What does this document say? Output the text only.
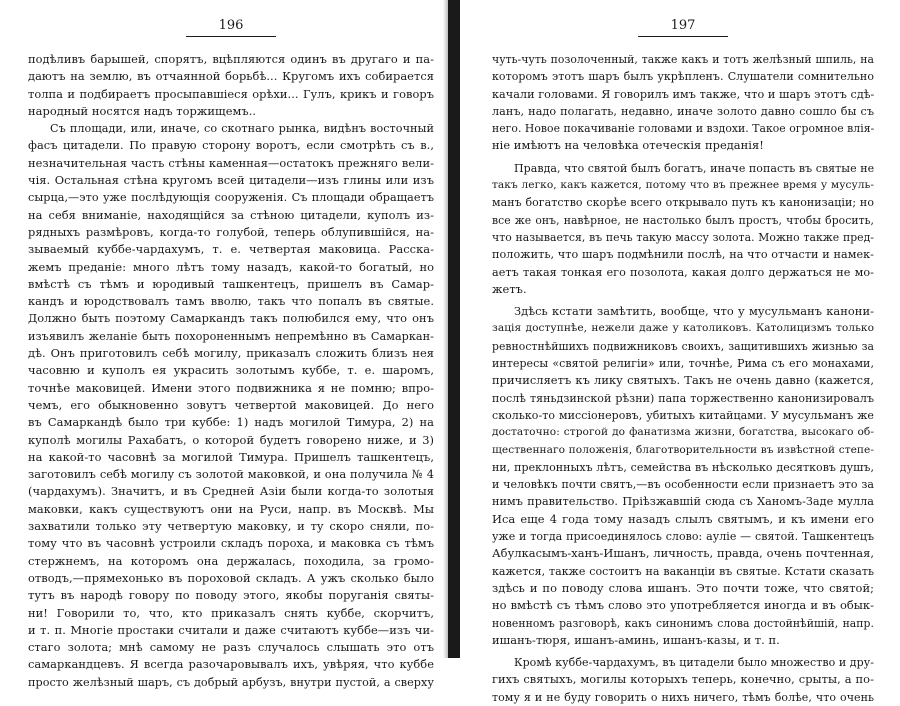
196
подѣливъ барышей, спорятъ, вцѣпляются одинъ въ другаго и па-
даютъ на землю, въ отчаянной борьбѣ... Кругомъ ихъ собирается
толпа и подбираетъ просыпавшіеся орѣхи... Гулъ, крикъ и говоръ
народный носятся надъ торжищемъ..
Съ площади, или, иначе, со скотнаго рынка, видѣнъ восточный
фасъ цитадели. По правую сторону воротъ, если смотрѣть съ в.,
незначительная часть стѣны каменная—остатокъ прежняго вели-
чія. Остальная стѣна кругомъ всей цитадели—изъ глины или изъ
сырца,—это уже послѣдующія сооруженія. Съ площади обращаетъ
на себя вниманіе, находящійся за стѣною цитадели, куполъ из-
рядныхъ размѣровъ, когда-то голубой, теперь облупившійся, на-
зываемый куббе-чардахумъ, т. е. четвертая маковица. Расска-
жемъ преданіе: много лѣтъ тому назадъ, какой-то богатый, но
вмѣстѣ съ тѣмъ и юродивый ташкентецъ, пришелъ въ Самар-
кандъ и юродствовалъ тамъ вволю, такъ что попалъ въ святые.
Должно быть поэтому Самаркандъ такъ полюбился ему, что онъ
изъявилъ желаніе быть похороненнымъ непремѣнно въ Самаркан-
дѣ. Онъ приготовилъ себѣ могилу, приказалъ сложить близъ нея
часовню и куполъ ея украсить золотымъ куббе, т. е. шаромъ,
точнѣе маковицей. Имени этого подвижника я не помню; впро-
чемъ, его обыкновенно зовутъ четвертой маковицей. До него
въ Самаркандѣ было три куббе: 1) надъ могилой Тимура, 2) на
куполѣ могилы Рахабатъ, о которой будетъ говорено ниже, и 3)
на какой-то часовнѣ за могилой Тимура. Пришелъ ташкентецъ,
заготовилъ себѣ могилу съ золотой маковкой, и она получила № 4
(чардахумъ). Значитъ, и въ Средней Азіи были когда-то золотыя
маковки, какъ существуютъ они на Руси, напр. въ Москвѣ. Мы
захватили только эту четвертую маковку, и ту скоро сняли, по-
тому что въ часовнѣ устроили складъ пороха, и маковка съ тѣмъ
стержнемъ, на которомъ она держалась, походила, за громо-
отводъ,—прямехонько въ пороховой складъ. А ужъ сколько было
тутъ въ народѣ говору по поводу этого, якобы поруганія святы-
ни! Говорили то, что, кто приказалъ снять куббе, скорчитъ,
и т. п. Многіе простаки считали и даже считаютъ куббе—изъ чи-
стаго золота; мнѣ самому не разъ случалось слышать это отъ
самаркандцевъ. Я всегда разочаровывалъ ихъ, увѣряя, что куббе
просто желѣзный шаръ, съ добрый арбузъ, внутри пустой, а сверху
197
чуть-чуть позолоченный, также какъ и тотъ желѣзный шпиль, на
которомъ этотъ шаръ былъ укрѣпленъ. Слушатели сомнительно
качали головами. Я говорилъ имъ также, что и шаръ этотъ сдѣ-
ланъ, надо полагать, недавно, иначе золото давно сошло бы съ
него. Новое покачиваніе головами и вздохи. Такое огромное влія-
ніе имѣютъ на человѣка отеческія преданія!
Правда, что святой былъ богатъ, иначе попасть въ святые не
такъ легко, какъ кажется, потому что въ прежнее время у мусуль-
манъ богатство скорѣе всего открывало путь къ канонизаціи; но
все же онъ, навѣрное, не настолько былъ простъ, чтобы бросить,
что называется, въ печь такую массу золота. Можно также пред-
положить, что шаръ подмѣнили послѣ, на что отчасти и намек-
аетъ такая тонкая его позолота, какая долго держаться не мо-
жетъ.
Здѣсь кстати замѣтить, вообще, что у мусульманъ канони-
зація доступнѣе, нежели даже у католиковъ. Католицизмъ только
ревностнѣйшихъ подвижниковъ своихъ, защитившихъ жизнью за
интересы «святой религіи» или, точнѣе, Рима съ его монахами,
причисляетъ къ лику святыхъ. Такъ не очень давно (кажется,
послѣ тяньдзинской рѣзни) папа торжественно канонизировалъ
сколько-то миссіонеровъ, убитыхъ китайцами. У мусульманъ же
достаточно: строгой до фанатизма жизни, богатства, высокаго об-
щественнаго положенія, благотворительности въ извѣстной степе-
ни, преклонныхъ лѣтъ, семейства въ нѣсколько десятковъ душъ,
и человѣкъ почти святъ,—въ особенности если признаетъ это за
нимъ правительство. Пріѣзжавшій сюда съ Ханомъ-Заде мулла
Иса еще 4 года тому назадъ слылъ святымъ, и къ имени его
уже и тогда присоединялось слово: ауліе — святой. Ташкентецъ
Абулкасымъ-ханъ-Ишанъ, личность, правда, очень почтенная,
кажется, также состоитъ на ваканціи въ святые. Кстати сказать
здѣсь и по поводу слова ишанъ. Это почти тоже, что святой;
но вмѣстѣ съ тѣмъ слово это употребляется иногда и въ обык-
новенномъ разговорѣ, какъ синонимъ слова достойнѣйшій, напр.
ишанъ-тюря, ишанъ-аминь, ишанъ-казы, и т. п.
Кромѣ куббе-чардахумъ, въ цитадели было множество и дру-
гихъ святыхъ, могилы которыхъ теперь, конечно, срыты, а по-
тому я и не буду говорить о нихъ ничего, тѣмъ болѣе, что очень
